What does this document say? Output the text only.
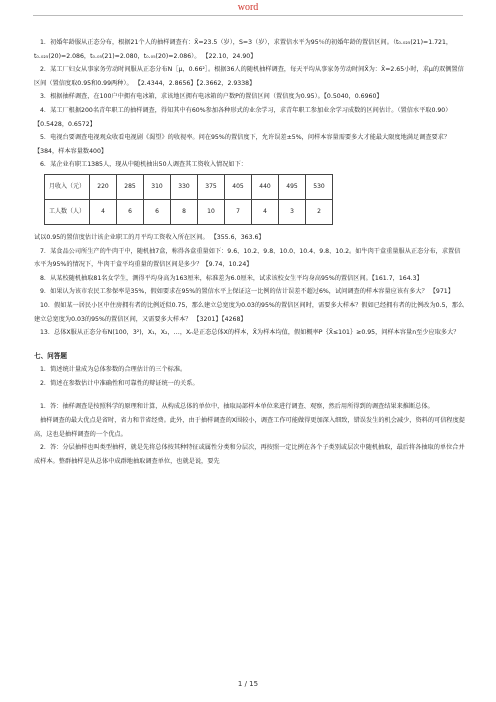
word

1．初婚年龄服从正态分布，根据21个人的抽样调查有：X̄=23.5（岁），S=3（岁），求置信水平为95％的初婚年龄的置信区间。（t₀.₀₂₅(21)=1.721，t₀.₀₂₅(20)=2.086，t₀.₀₅(21)=2.080，t₀.₀₅(20)=2.086）。 【22.10，24.90】

2．某工厂妇女从事家务劳动时间服从正态分布N［μ，0.66²］。根据36人的随机抽样调查，每天平均从事家务劳动时间X̄为：X̄=2.65小时，求μ的双侧置信区间（置信度取0.95和0.99两种）。 【2.4344，2.8656】【2.3662，2.9338】

3．根据抽样调查，在100户中拥有电冰箱，求该地区拥有电冰箱的户数P的置信区间（置信度为0.95）。【0.5040，0.6960】

4．某工厂根据200名青年职工的抽样调查，得知其中有60%参加各种形式的业余学习，求青年职工参加业余学习成数的区间估计。（置信水平取0.90） 【0.5428，0.6572】

5．电视台要调查电视观众收看电视剧《渴望》的收视率。问在95%的置信度下，允许误差±5%，问样本容量需要多大才能最大限度地满足调查要求？【384，样本容量数400】

6．某企业有职工1385人，现从中随机抽出50人调查其工资收入情况如下：

月收入（元）	220	285	310	330	375	405	440	495	530
工人数（人）	4	6	6	8	10	7	4	3	2

试以0.95的置信度估计该企业职工的月平均工资收入所在区间。 【355.6，363.6】

7．某食品公司所生产的牛肉干中，随机抽7盒，称得各盒重量如下：9.6、10.2、9.8、10.0、10.4、9.8、10.2。如牛肉干盒重量服从正态分布，求置信水平为95%的情况下，牛肉干盒平均重量的置信区间是多少？【9.74，10.24】

8．从某校随机抽取81名女学生，测得平均身高为163厘米，标准差为6.0厘米，试求该校女生平均身高95%的置信区间。【161.7，164.3】

9．如果认为该市农民工参保率是35%，假如要求在95%的置信水平上保证这一比例的估计误差不超过6%，试问调查的样本容量应该有多大？ 【971】

10．假如某一居民小区中住房拥有者的比例近似0.75，那么建立总宽度为0.03的95%的置信区间时，需要多大样本？假如已经拥有者的比例改为0.5，那么建立总宽度为0.03的95%的置信区间，又需要多大样本？ 【3201】【4268】

13．总体X服从正态分布N(100，3²)，X₁，X₂，…，Xₙ是正态总体X的样本，X̄为样本均值，假如概率P｛X̄≤101｝≥0.95，问样本容量n至少应取多大？

七、问答题

1．简述统计量成为总体参数的合理估计的三个标准。

2．简述在参数估计中准确性和可靠性的辩证统一的关系。

1．答：抽样调查是按照科学的原理和计算，从构成总体的单位中，抽取局部样本单位来进行调查、观察，然后用所得到的调查结果来推断总体。

抽样调查的最大优点是省时，省力和节省经费。此外，由于抽样调查的X围较小，调查工作可能做得更加深入细致，错误发生的机会减少，资料的可信程度提高，这也是抽样调查的一个优点。

2．答：分层抽样也叫类型抽样，就是先将总体按其种特征或属性分类和分层次，再按照一定比例在各个子类别或层次中随机抽取，最后将各抽取的单位合并成样本。整群抽样是从总体中成群地抽取调查单位，也就是说，要先

1 / 15
